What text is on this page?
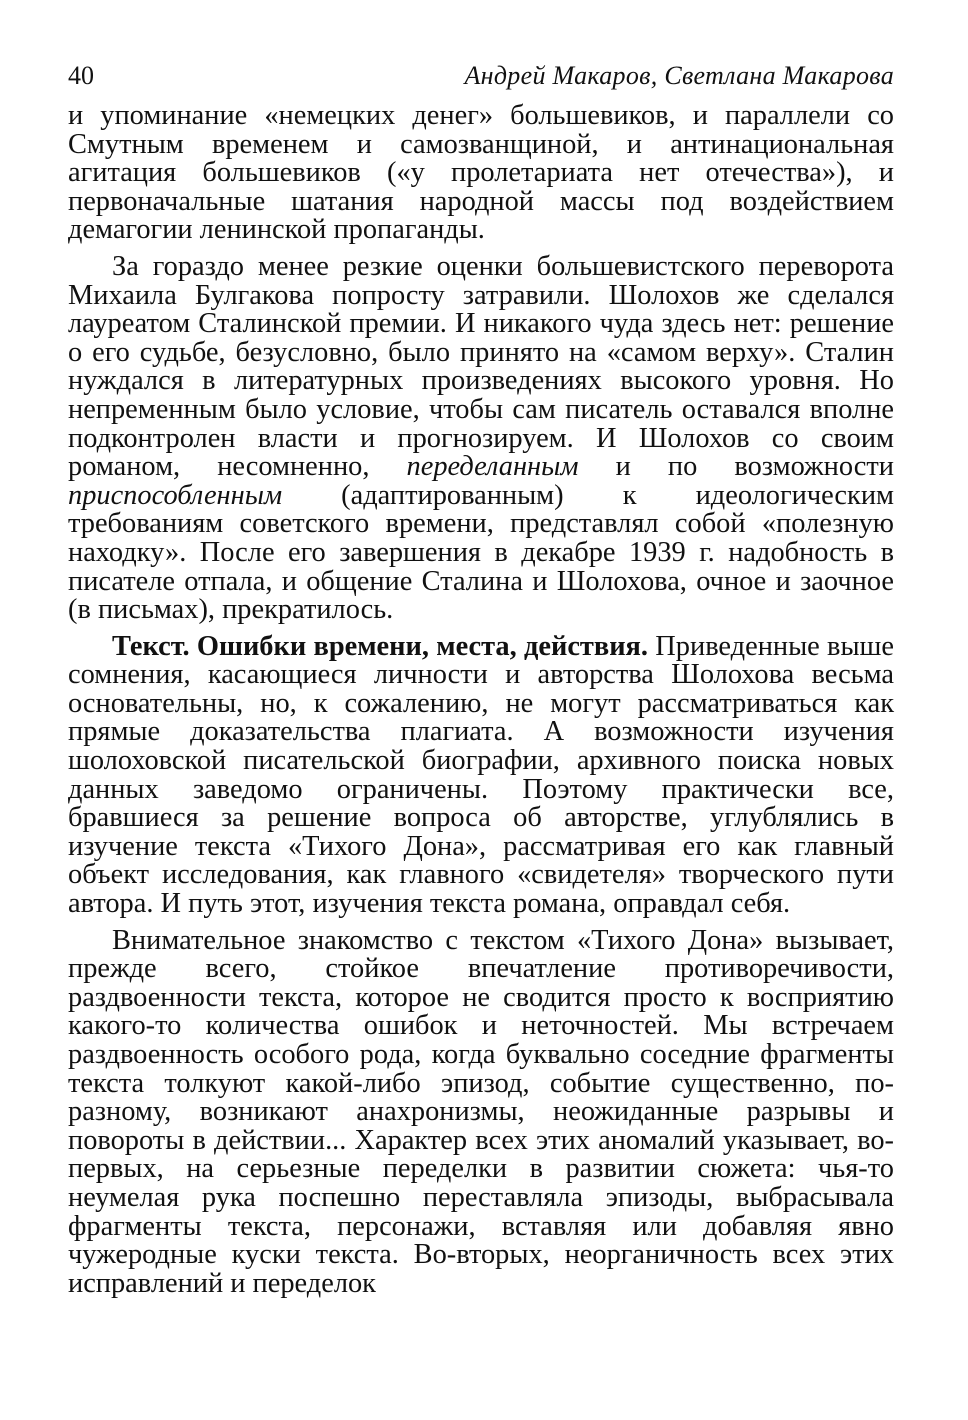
40	Андрей Макаров, Светлана Макарова

и упоминание «немецких денег» большевиков, и параллели со Смутным временем и самозванщиной, и антинациональная агитация большевиков («у пролетариата нет отечества»), и первоначальные шатания народной массы под воздействием демагогии ленинской пропаганды.

За гораздо менее резкие оценки большевистского переворота Михаила Булгакова попросту затравили. Шолохов же сделался лауреатом Сталинской премии. И никакого чуда здесь нет: решение о его судьбе, безусловно, было принято на «самом верху». Сталин нуждался в литературных произведениях высокого уровня. Но непременным было условие, чтобы сам писатель оставался вполне подконтролен власти и прогнозируем. И Шолохов со своим романом, несомненно, переделанным и по возможности приспособленным (адаптированным) к идеологическим требованиям советского времени, представлял собой «полезную находку». После его завершения в декабре 1939 г. надобность в писателе отпала, и общение Сталина и Шолохова, очное и заочное (в письмах), прекратилось.

Текст. Ошибки времени, места, действия. Приведенные выше сомнения, касающиеся личности и авторства Шолохова весьма основательны, но, к сожалению, не могут рассматриваться как прямые доказательства плагиата. А возможности изучения шолоховской писательской биографии, архивного поиска новых данных заведомо ограничены. Поэтому практически все, бравшиеся за решение вопроса об авторстве, углублялись в изучение текста «Тихого Дона», рассматривая его как главный объект исследования, как главного «свидетеля» творческого пути автора. И путь этот, изучения текста романа, оправдал себя.

Внимательное знакомство с текстом «Тихого Дона» вызывает, прежде всего, стойкое впечатление противоречивости, раздвоенности текста, которое не сводится просто к восприятию какого-то количества ошибок и неточностей. Мы встречаем раздвоенность особого рода, когда буквально соседние фрагменты текста толкуют какой-либо эпизод, событие существенно, по-разному, возникают анахронизмы, неожиданные разрывы и повороты в действии... Характер всех этих аномалий указывает, во-первых, на серьезные переделки в развитии сюжета: чья-то неумелая рука поспешно переставляла эпизоды, выбрасывала фрагменты текста, персонажи, вставляя или добавляя явно чужеродные куски текста. Во-вторых, неорганичность всех этих исправлений и переделок
